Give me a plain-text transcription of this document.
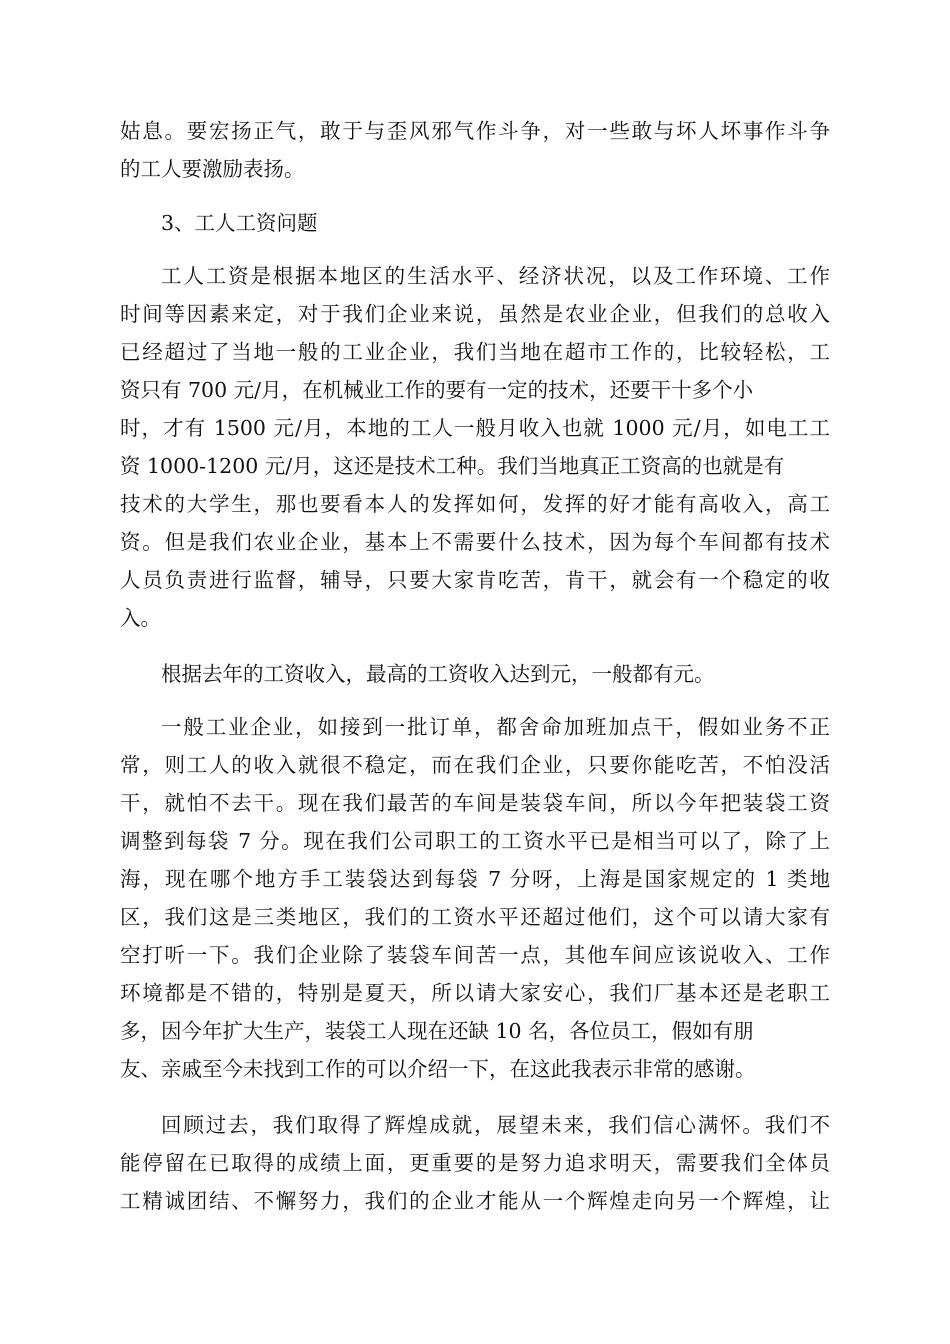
姑息。要宏扬正气，敢于与歪风邪气作斗争，对一些敢与坏人坏事作斗争
的工人要激励表扬。
3、工人工资问题
工人工资是根据本地区的生活水平、经济状况，以及工作环境、工作
时间等因素来定，对于我们企业来说，虽然是农业企业，但我们的总收入
已经超过了当地一般的工业企业，我们当地在超市工作的，比较轻松，工
资只有 700 元/月，在机械业工作的要有一定的技术，还要干十多个小
时，才有 1500 元/月，本地的工人一般月收入也就 1000 元/月，如电工工
资 1000-1200 元/月，这还是技术工种。我们当地真正工资高的也就是有
技术的大学生，那也要看本人的发挥如何，发挥的好才能有高收入，高工
资。但是我们农业企业，基本上不需要什么技术，因为每个车间都有技术
人员负责进行监督，辅导，只要大家肯吃苦，肯干，就会有一个稳定的收
入。
根据去年的工资收入，最高的工资收入达到元，一般都有元。
一般工业企业，如接到一批订单，都舍命加班加点干，假如业务不正
常，则工人的收入就很不稳定，而在我们企业，只要你能吃苦，不怕没活
干，就怕不去干。现在我们最苦的车间是装袋车间，所以今年把装袋工资
调整到每袋 7 分。现在我们公司职工的工资水平已是相当可以了，除了上
海，现在哪个地方手工装袋达到每袋 7 分呀，上海是国家规定的 1 类地
区，我们这是三类地区，我们的工资水平还超过他们，这个可以请大家有
空打听一下。我们企业除了装袋车间苦一点，其他车间应该说收入、工作
环境都是不错的，特别是夏天，所以请大家安心，我们厂基本还是老职工
多，因今年扩大生产，装袋工人现在还缺 10 名，各位员工，假如有朋
友、亲戚至今未找到工作的可以介绍一下，在这此我表示非常的感谢。
回顾过去，我们取得了辉煌成就，展望未来，我们信心满怀。我们不
能停留在已取得的成绩上面，更重要的是努力追求明天，需要我们全体员
工精诚团结、不懈努力，我们的企业才能从一个辉煌走向另一个辉煌，让
